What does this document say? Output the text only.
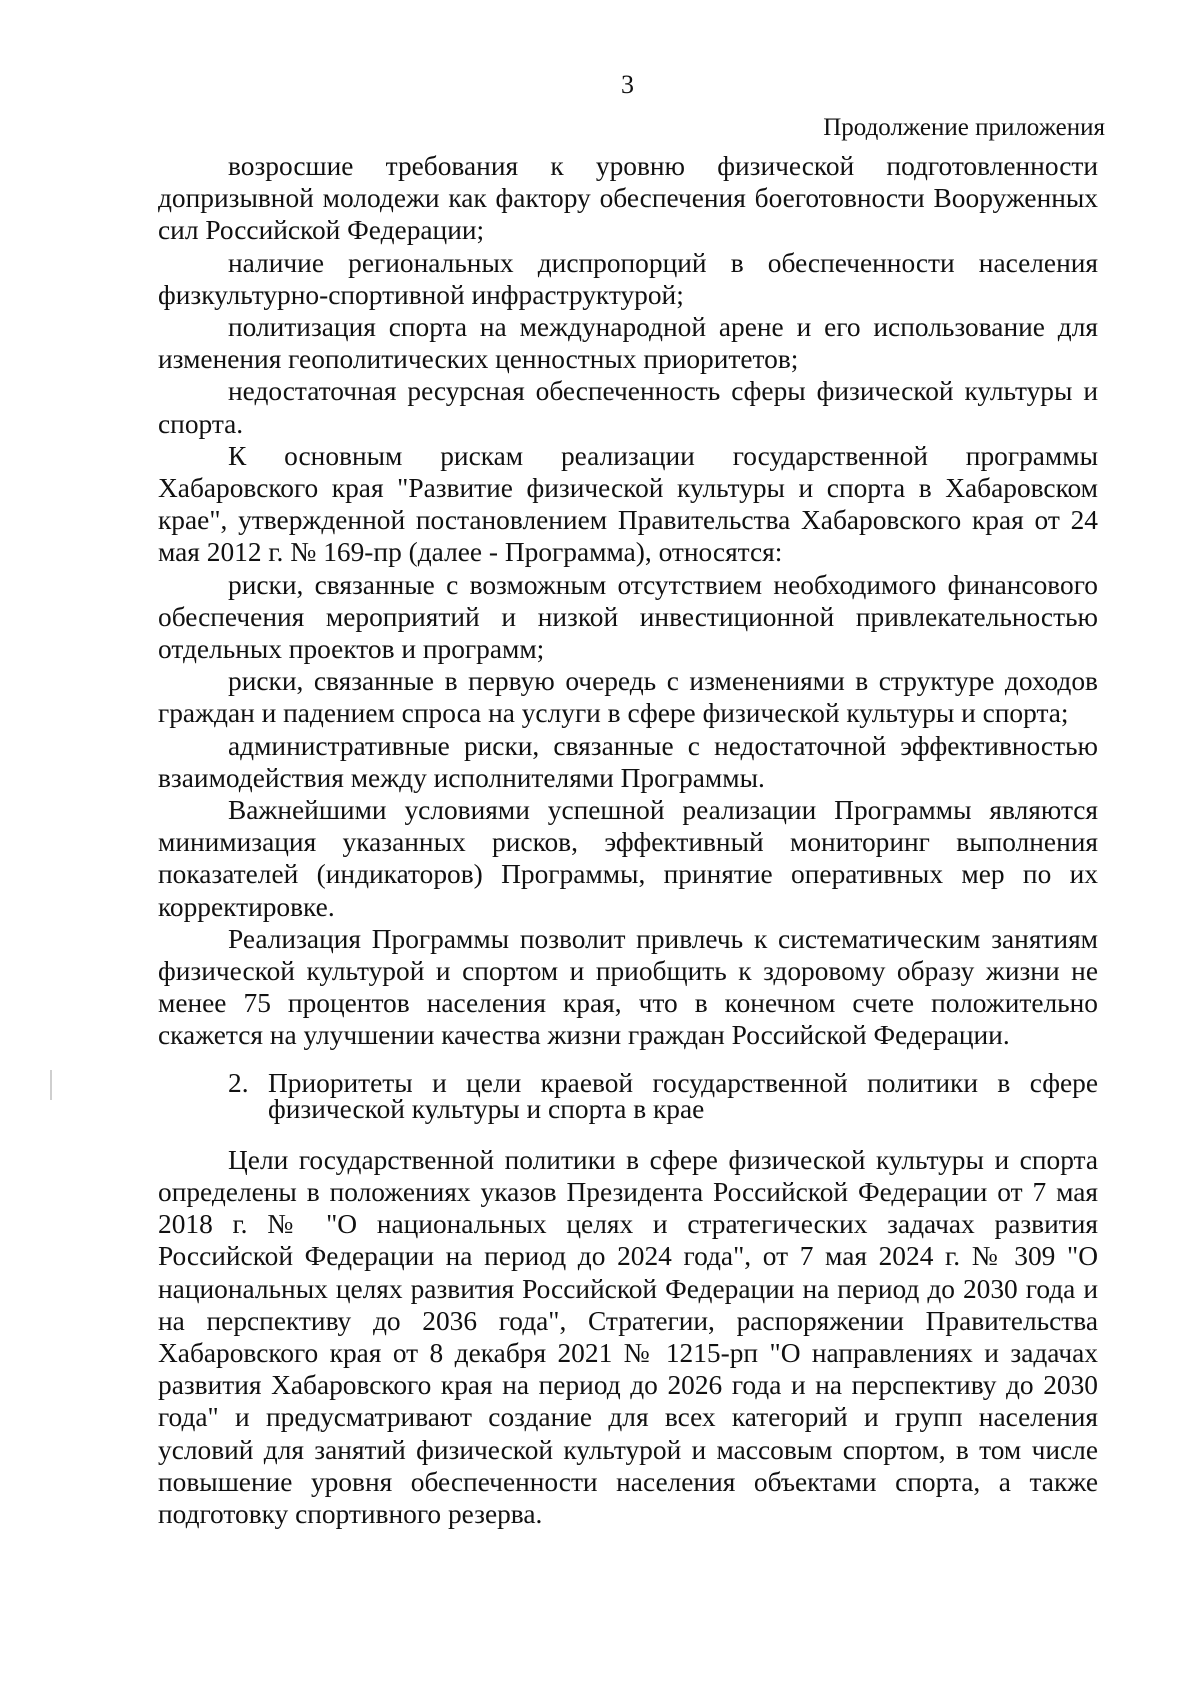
3
Продолжение приложения

возросшие требования к уровню физической подготовленности допризывной молодежи как фактору обеспечения боеготовности Вооруженных сил Российской Федерации;

наличие региональных диспропорций в обеспеченности населения физкультурно-спортивной инфраструктурой;

политизация спорта на международной арене и его использование для изменения геополитических ценностных приоритетов;

недостаточная ресурсная обеспеченность сферы физической культуры и спорта.

К основным рискам реализации государственной программы Хабаровского края "Развитие физической культуры и спорта в Хабаровском крае", утвержденной постановлением Правительства Хабаровского края от 24 мая 2012 г. № 169-пр (далее - Программа), относятся:

риски, связанные с возможным отсутствием необходимого финансового обеспечения мероприятий и низкой инвестиционной привлекательностью отдельных проектов и программ;

риски, связанные в первую очередь с изменениями в структуре доходов граждан и падением спроса на услуги в сфере физической культуры и спорта;

административные риски, связанные с недостаточной эффективностью взаимодействия между исполнителями Программы.

Важнейшими условиями успешной реализации Программы являются минимизация указанных рисков, эффективный мониторинг выполнения показателей (индикаторов) Программы, принятие оперативных мер по их корректировке.

Реализация Программы позволит привлечь к систематическим занятиям физической культурой и спортом и приобщить к здоровому образу жизни не менее 75 процентов населения края, что в конечном счете положительно скажется на улучшении качества жизни граждан Российской Федерации.

2. Приоритеты и цели краевой государственной политики в сфере физической культуры и спорта в крае

Цели государственной политики в сфере физической культуры и спорта определены в положениях указов Президента Российской Федерации от 7 мая 2018 г. № "О национальных целях и стратегических задачах развития Российской Федерации на период до 2024 года", от 7 мая 2024 г. № 309 "О национальных целях развития Российской Федерации на период до 2030 года и на перспективу до 2036 года", Стратегии, распоряжении Правительства Хабаровского края от 8 декабря 2021 № 1215-рп "О направлениях и задачах развития Хабаровского края на период до 2026 года и на перспективу до 2030 года" и предусматривают создание для всех категорий и групп населения условий для занятий физической культурой и массовым спортом, в том числе повышение уровня обеспеченности населения объектами спорта, а также подготовку спортивного резерва.
